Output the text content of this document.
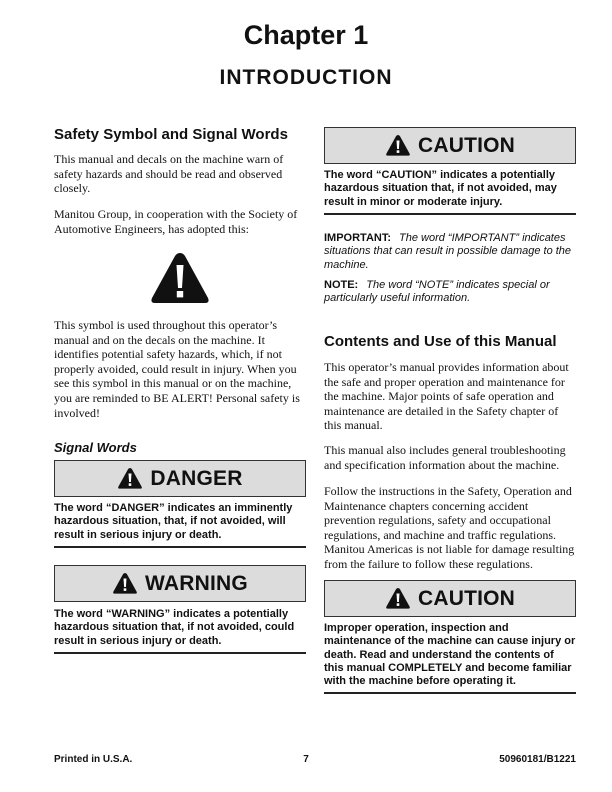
Chapter 1
INTRODUCTION
Safety Symbol and Signal Words

This manual and decals on the machine warn of safety hazards and should be read and observed closely.

Manitou Group, in cooperation with the Society of Automotive Engineers, has adopted this:

This symbol is used throughout this operator’s manual and on the decals on the machine. It identifies potential safety hazards, which, if not properly avoided, could result in injury. When you see this symbol in this manual or on the machine, you are reminded to BE ALERT! Personal safety is involved!

Signal Words
DANGER

The word “DANGER” indicates an imminently hazardous situation, that, if not avoided, will result in serious injury or death.

WARNING

The word “WARNING” indicates a potentially hazardous situation that, if not avoided, could result in serious injury or death.

CAUTION

The word “CAUTION” indicates a potentially hazardous situation that, if not avoided, may result in minor or moderate injury.

IMPORTANT: The word “IMPORTANT” indicates situations that can result in possible damage to the machine.

NOTE: The word “NOTE” indicates special or particularly useful information.

Contents and Use of this Manual

This operator’s manual provides information about the safe and proper operation and maintenance for the machine. Major points of safe operation and maintenance are detailed in the Safety chapter of this manual.

This manual also includes general troubleshooting and specification information about the machine.

Follow the instructions in the Safety, Operation and Maintenance chapters concerning accident prevention regulations, safety and occupational regulations, and machine and traffic regulations. Manitou Americas is not liable for damage resulting from the failure to follow these regulations.

CAUTION

Improper operation, inspection and maintenance of the machine can cause injury or death. Read and understand the contents of this manual COMPLETELY and become familiar with the machine before operating it.

Printed in U.S.A.	7	50960181/B1221
